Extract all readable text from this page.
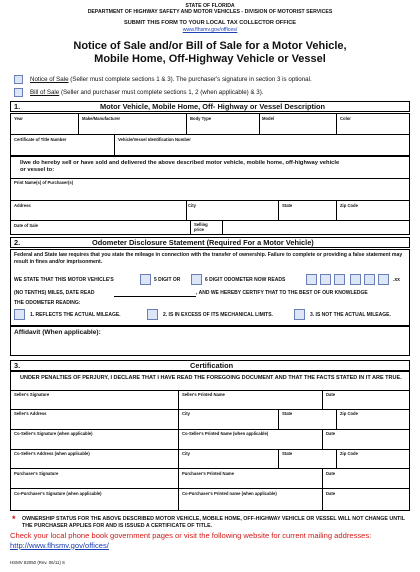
STATE OF FLORIDA
DEPARTMENT OF HIGHWAY SAFETY AND MOTOR VEHICLES - DIVISION OF MOTORIST SERVICES
SUBMIT THIS FORM TO YOUR LOCAL TAX COLLECTOR OFFICE
www.flhsmv.gov/offices/
Notice of Sale and/or Bill of Sale for a Motor Vehicle,
Mobile Home, Off-Highway Vehicle or Vessel
Notice of Sale (Seller must complete sections 1 & 3). The purchaser's signature in section 3 is optional.
Bill of Sale (Seller and purchaser must complete sections 1, 2 (when applicable) & 3).
1.	Motor Vehicle, Mobile Home, Off- Highway or Vessel Description
Year	Make/Manufacturer	Body Type	Model	Color
Certificate of Title Number	Vehicle/Vessel Identification Number
I/we do hereby sell or have sold and delivered the above described motor vehicle, mobile home, off-highway vehicle or vessel to:
Print Name(s) of Purchaser(s)
Address	City	State	Zip Code
Date of Sale	Selling
price
2.	Odometer Disclosure Statement (Required For a Motor Vehicle)
Federal and State law requires that you state the mileage in connection with the transfer of ownership. Failure to complete or providing a false statement may result in fines and/or imprisonment.
WE STATE THAT THIS MOTOR VEHICLE'S	5 DIGIT OR	6 DIGIT ODOMETER NOW READS	.xx
(NO TENTHS) MILES, DATE READ	, AND WE HEREBY CERTIFY THAT TO THE BEST OF OUR KNOWLEDGE
THE ODOMETER READING:
1. REFLECTS THE ACTUAL MILEAGE.	2. IS IN EXCESS OF ITS MECHANICAL LIMITS.	3. IS NOT THE ACTUAL MILEAGE.
Affidavit (When applicable):
3.	Certification
UNDER PENALTIES OF PERJURY, I DECLARE THAT I HAVE READ THE FOREGOING DOCUMENT AND THAT THE FACTS STATED IN IT ARE TRUE.
Seller's Signature	Seller's Printed Name	Date
Seller's Address	City	State	Zip Code
Co-Seller's Signature (when applicable)	Co-Seller's Printed Name (when applicable)	Date
Co-Seller's Address (when applicable)	City	State	Zip Code
Purchaser's Signature	Purchaser's Printed Name	Date
Co-Purchaser's Signature (when applicable)	Co-Purchaser's Printed name (when applicable)	Date
* OWNERSHIP STATUS FOR THE ABOVE DESCRIBED MOTOR VEHICLE, MOBILE HOME, OFF-HIGHWAY VEHICLE OR VESSEL WILL NOT CHANGE UNTIL THE PURCHASER APPLIES FOR AND IS ISSUED A CERTIFICATE OF TITLE.
Check your local phone book government pages or visit the following website for current mailing addresses: http://www.flhsmv.gov/offices/
HSMV 82050 (Rev. 06/11) S
